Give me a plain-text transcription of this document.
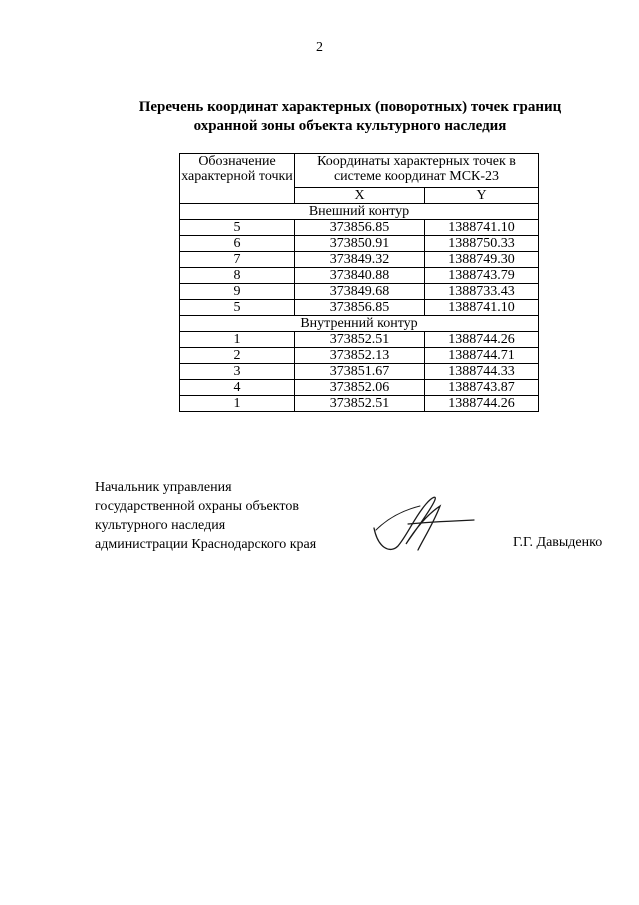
2
Перечень координат характерных (поворотных) точек границ
охранной зоны объекта культурного наследия
Обозначение характерной точки	Координаты характерных точек в системе координат МСК-23	
	X	Y
Внешний контур		
5	373856.85	1388741.10
6	373850.91	1388750.33
7	373849.32	1388749.30
8	373840.88	1388743.79
9	373849.68	1388733.43
5	373856.85	1388741.10
Внутренний контур		
1	373852.51	1388744.26
2	373852.13	1388744.71
3	373851.67	1388744.33
4	373852.06	1388743.87
1	373852.51	1388744.26
Начальник управления
государственной охраны объектов
культурного наследия
администрации Краснодарского края	Г.Г. Давыденко
